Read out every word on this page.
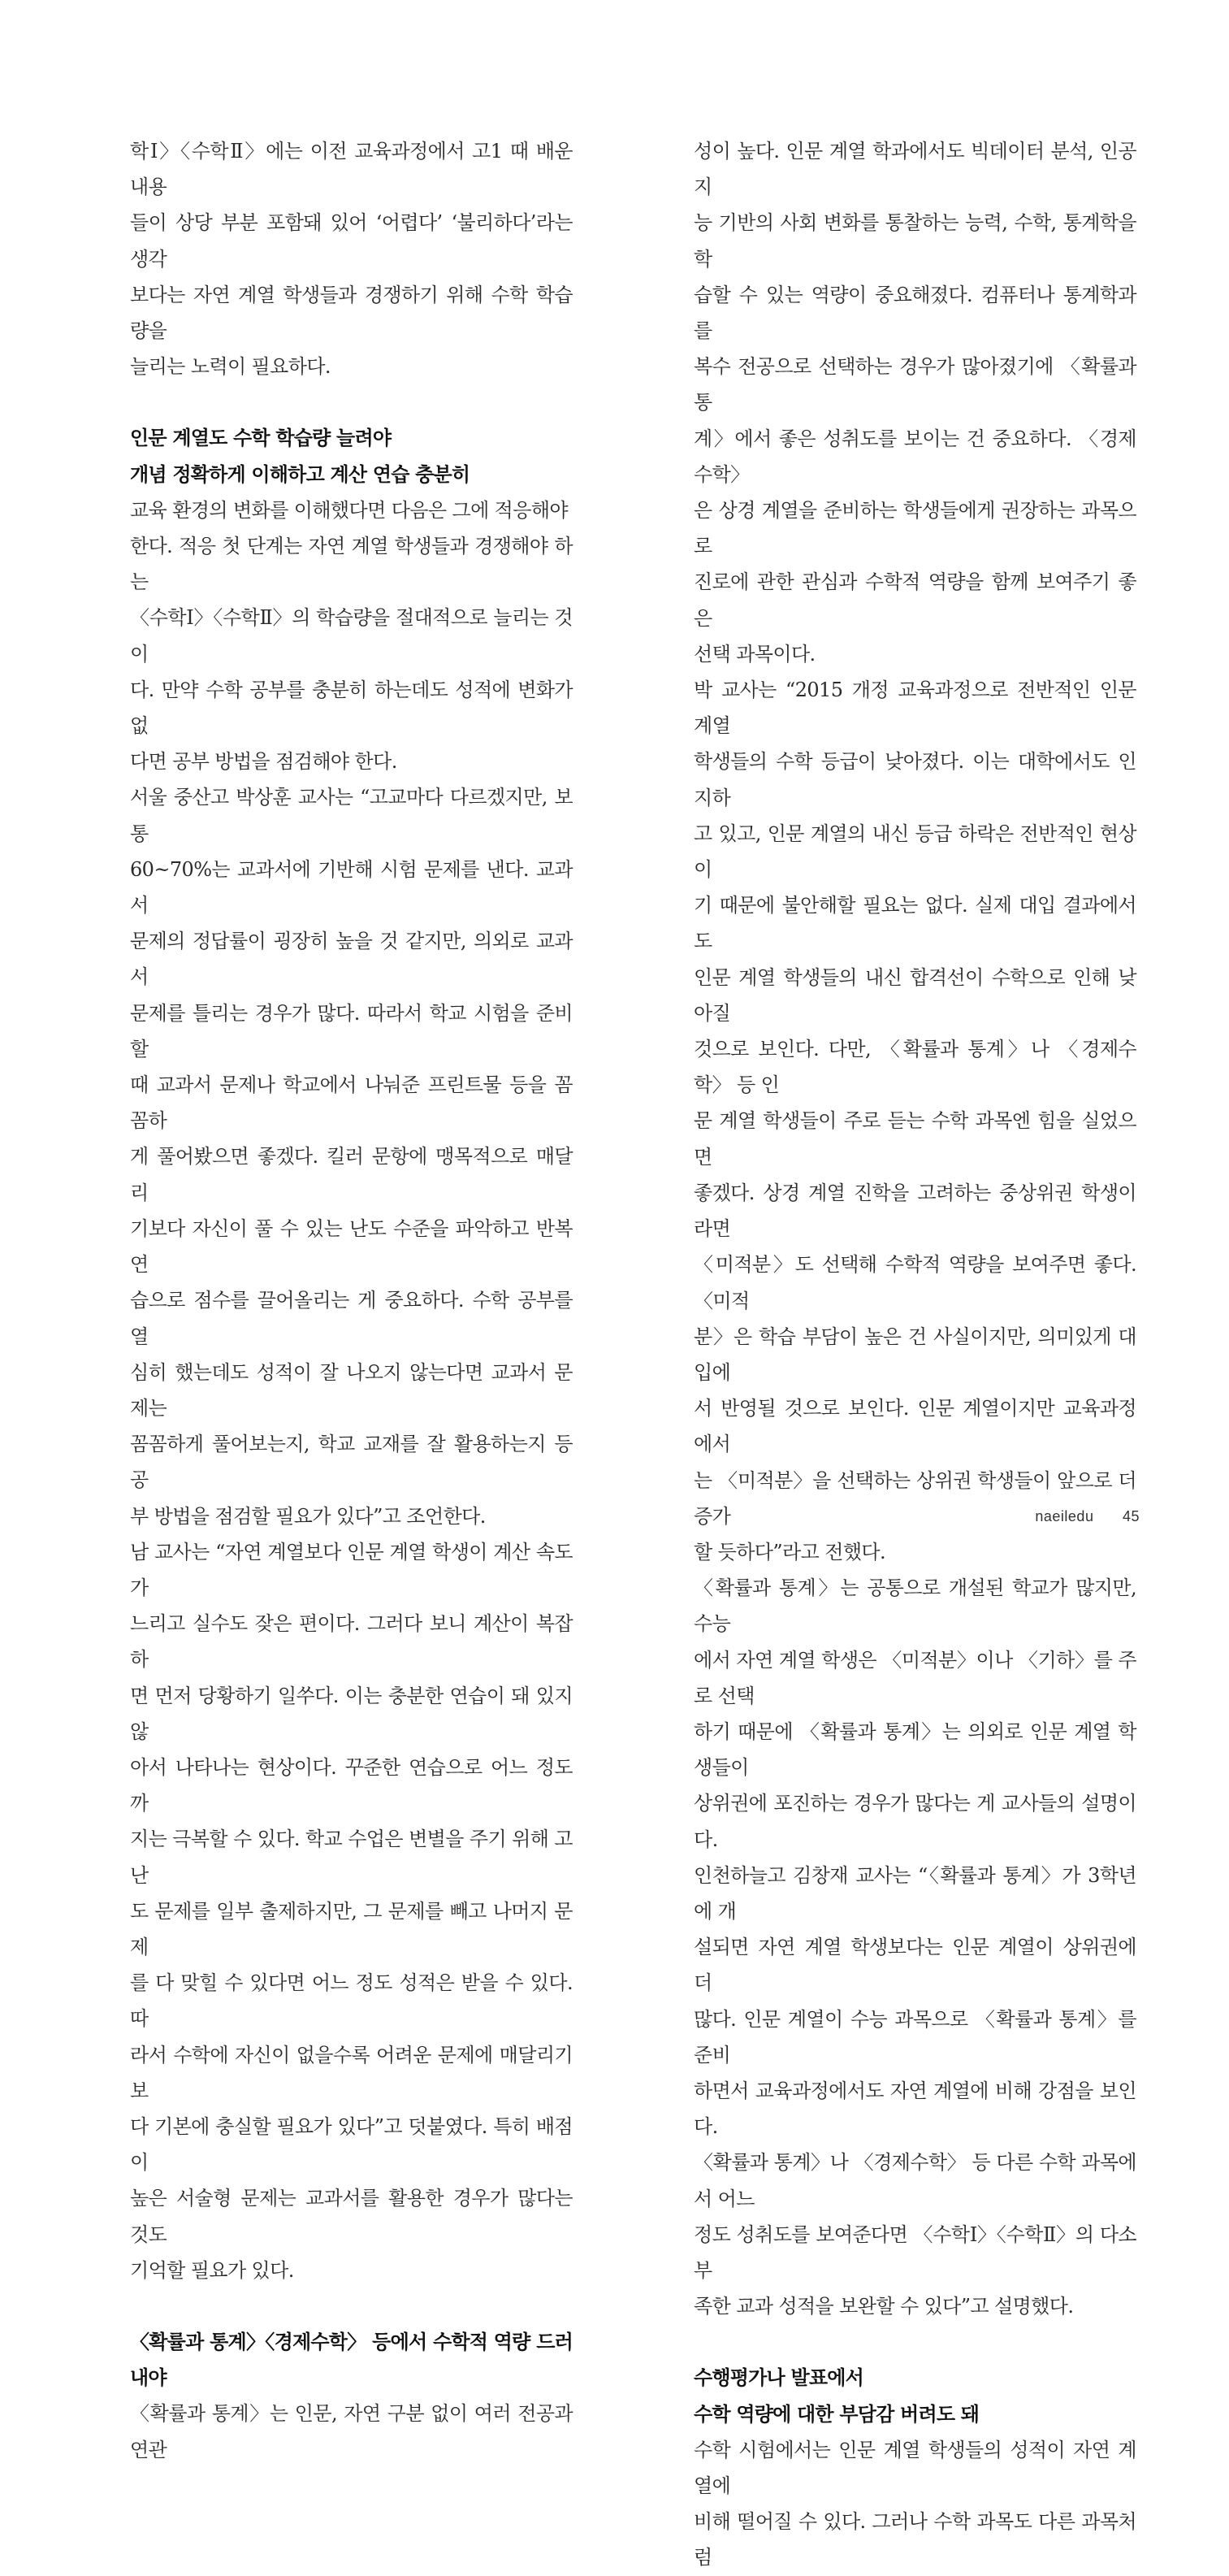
학Ⅰ〉〈수학Ⅱ〉에는 이전 교육과정에서 고1 때 배운 내용
들이 상당 부분 포함돼 있어 ‘어렵다’ ‘불리하다’라는 생각
보다는 자연 계열 학생들과 경쟁하기 위해 수학 학습량을
늘리는 노력이 필요하다.

인문 계열도 수학 학습량 늘려야
개념 정확하게 이해하고 계산 연습 충분히

교육 환경의 변화를 이해했다면 다음은 그에 적응해야
한다. 적응 첫 단계는 자연 계열 학생들과 경쟁해야 하는
〈수학Ⅰ〉〈수학Ⅱ〉의 학습량을 절대적으로 늘리는 것이
다. 만약 수학 공부를 충분히 하는데도 성적에 변화가 없
다면 공부 방법을 점검해야 한다.

서울 중산고 박상훈 교사는 “고교마다 다르겠지만, 보통
60~70%는 교과서에 기반해 시험 문제를 낸다. 교과서
문제의 정답률이 굉장히 높을 것 같지만, 의외로 교과서
문제를 틀리는 경우가 많다. 따라서 학교 시험을 준비할
때 교과서 문제나 학교에서 나눠준 프린트물 등을 꼼꼼하
게 풀어봤으면 좋겠다. 킬러 문항에 맹목적으로 매달리
기보다 자신이 풀 수 있는 난도 수준을 파악하고 반복 연
습으로 점수를 끌어올리는 게 중요하다. 수학 공부를 열
심히 했는데도 성적이 잘 나오지 않는다면 교과서 문제는
꼼꼼하게 풀어보는지, 학교 교재를 잘 활용하는지 등 공
부 방법을 점검할 필요가 있다”고 조언한다.

남 교사는 “자연 계열보다 인문 계열 학생이 계산 속도가
느리고 실수도 잦은 편이다. 그러다 보니 계산이 복잡하
면 먼저 당황하기 일쑤다. 이는 충분한 연습이 돼 있지 않
아서 나타나는 현상이다. 꾸준한 연습으로 어느 정도까
지는 극복할 수 있다. 학교 수업은 변별을 주기 위해 고난
도 문제를 일부 출제하지만, 그 문제를 빼고 나머지 문제
를 다 맞힐 수 있다면 어느 정도 성적은 받을 수 있다. 따
라서 수학에 자신이 없을수록 어려운 문제에 매달리기보
다 기본에 충실할 필요가 있다”고 덧붙였다. 특히 배점이
높은 서술형 문제는 교과서를 활용한 경우가 많다는 것도
기억할 필요가 있다.

〈확률과 통계〉〈경제수학〉 등에서 수학적 역량 드러내야

〈확률과 통계〉는 인문, 자연 구분 없이 여러 전공과 연관

성이 높다. 인문 계열 학과에서도 빅데이터 분석, 인공지
능 기반의 사회 변화를 통찰하는 능력, 수학, 통계학을 학
습할 수 있는 역량이 중요해졌다. 컴퓨터나 통계학과를
복수 전공으로 선택하는 경우가 많아졌기에 〈확률과 통
계〉에서 좋은 성취도를 보이는 건 중요하다. 〈경제수학〉
은 상경 계열을 준비하는 학생들에게 권장하는 과목으로
진로에 관한 관심과 수학적 역량을 함께 보여주기 좋은
선택 과목이다.

박 교사는 “2015 개정 교육과정으로 전반적인 인문 계열
학생들의 수학 등급이 낮아졌다. 이는 대학에서도 인지하
고 있고, 인문 계열의 내신 등급 하락은 전반적인 현상이
기 때문에 불안해할 필요는 없다. 실제 대입 결과에서도
인문 계열 학생들의 내신 합격선이 수학으로 인해 낮아질
것으로 보인다. 다만, 〈확률과 통계〉나 〈경제수학〉 등 인
문 계열 학생들이 주로 듣는 수학 과목엔 힘을 실었으면
좋겠다. 상경 계열 진학을 고려하는 중상위권 학생이라면
〈미적분〉도 선택해 수학적 역량을 보여주면 좋다. 〈미적
분〉은 학습 부담이 높은 건 사실이지만, 의미있게 대입에
서 반영될 것으로 보인다. 인문 계열이지만 교육과정에서
는 〈미적분〉을 선택하는 상위권 학생들이 앞으로 더 증가
할 듯하다”라고 전했다.

〈확률과 통계〉는 공통으로 개설된 학교가 많지만, 수능
에서 자연 계열 학생은 〈미적분〉이나 〈기하〉를 주로 선택
하기 때문에 〈확률과 통계〉는 의외로 인문 계열 학생들이
상위권에 포진하는 경우가 많다는 게 교사들의 설명이다.

인천하늘고 김창재 교사는 “〈확률과 통계〉가 3학년에 개
설되면 자연 계열 학생보다는 인문 계열이 상위권에 더
많다. 인문 계열이 수능 과목으로 〈확률과 통계〉를 준비
하면서 교육과정에서도 자연 계열에 비해 강점을 보인다.
〈확률과 통계〉나 〈경제수학〉 등 다른 수학 과목에서 어느
정도 성취도를 보여준다면 〈수학Ⅰ〉〈수학Ⅱ〉의 다소 부
족한 교과 성적을 보완할 수 있다”고 설명했다.

수행평가나 발표에서
수학 역량에 대한 부담감 버려도 돼

수학 시험에서는 인문 계열 학생들의 성적이 자연 계열에
비해 떨어질 수 있다. 그러나 수학 과목도 다른 과목처럼

naeiledu 45
